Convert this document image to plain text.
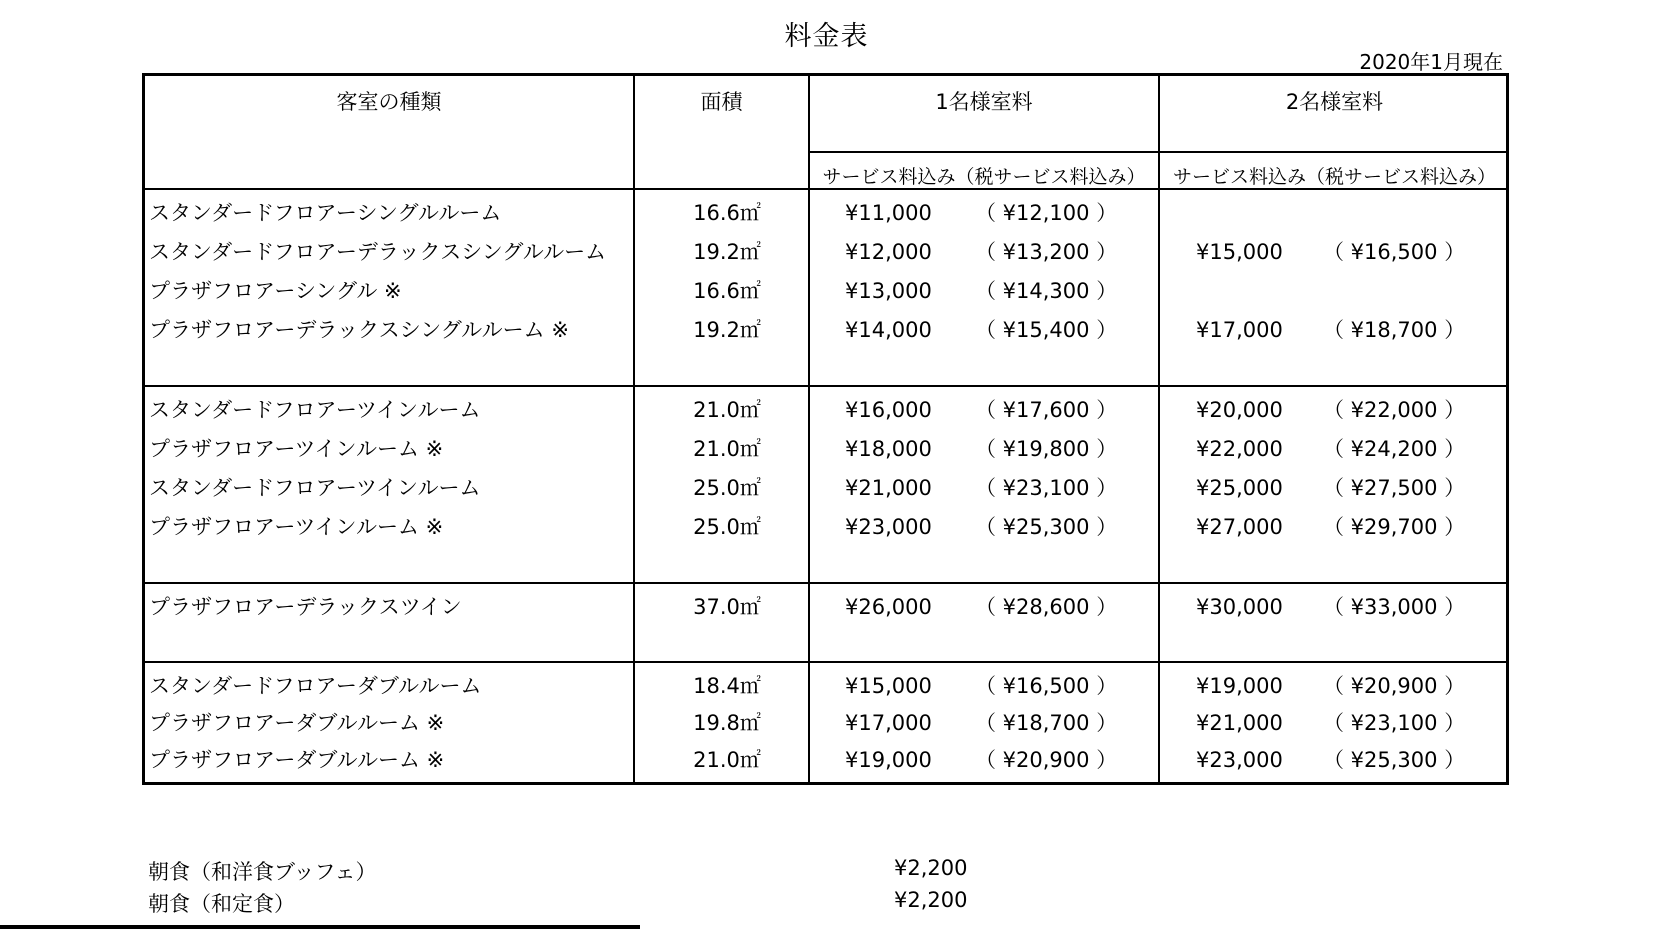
料金表
2020年1月現在
客室の種類	面積	1名様室料	2名様室料
サービス料込み（税サービス料込み）	サービス料込み（税サービス料込み）
スタンダードフロアーシングルルーム	16.6㎡	¥11,000 （ ¥12,100 ）
スタンダードフロアーデラックスシングルルーム	19.2㎡	¥12,000 （ ¥13,200 ）	¥15,000 （ ¥16,500 ）
プラザフロアーシングル ※	16.6㎡	¥13,000 （ ¥14,300 ）
プラザフロアーデラックスシングルルーム ※	19.2㎡	¥14,000 （ ¥15,400 ）	¥17,000 （ ¥18,700 ）
スタンダードフロアーツインルーム	21.0㎡	¥16,000 （ ¥17,600 ）	¥20,000 （ ¥22,000 ）
プラザフロアーツインルーム ※	21.0㎡	¥18,000 （ ¥19,800 ）	¥22,000 （ ¥24,200 ）
スタンダードフロアーツインルーム	25.0㎡	¥21,000 （ ¥23,100 ）	¥25,000 （ ¥27,500 ）
プラザフロアーツインルーム ※	25.0㎡	¥23,000 （ ¥25,300 ）	¥27,000 （ ¥29,700 ）
プラザフロアーデラックスツイン	37.0㎡	¥26,000 （ ¥28,600 ）	¥30,000 （ ¥33,000 ）
スタンダードフロアーダブルルーム	18.4㎡	¥15,000 （ ¥16,500 ）	¥19,000 （ ¥20,900 ）
プラザフロアーダブルルーム ※	19.8㎡	¥17,000 （ ¥18,700 ）	¥21,000 （ ¥23,100 ）
プラザフロアーダブルルーム ※	21.0㎡	¥19,000 （ ¥20,900 ）	¥23,000 （ ¥25,300 ）
朝食（和洋食ブッフェ）	¥2,200
朝食（和定食）	¥2,200
